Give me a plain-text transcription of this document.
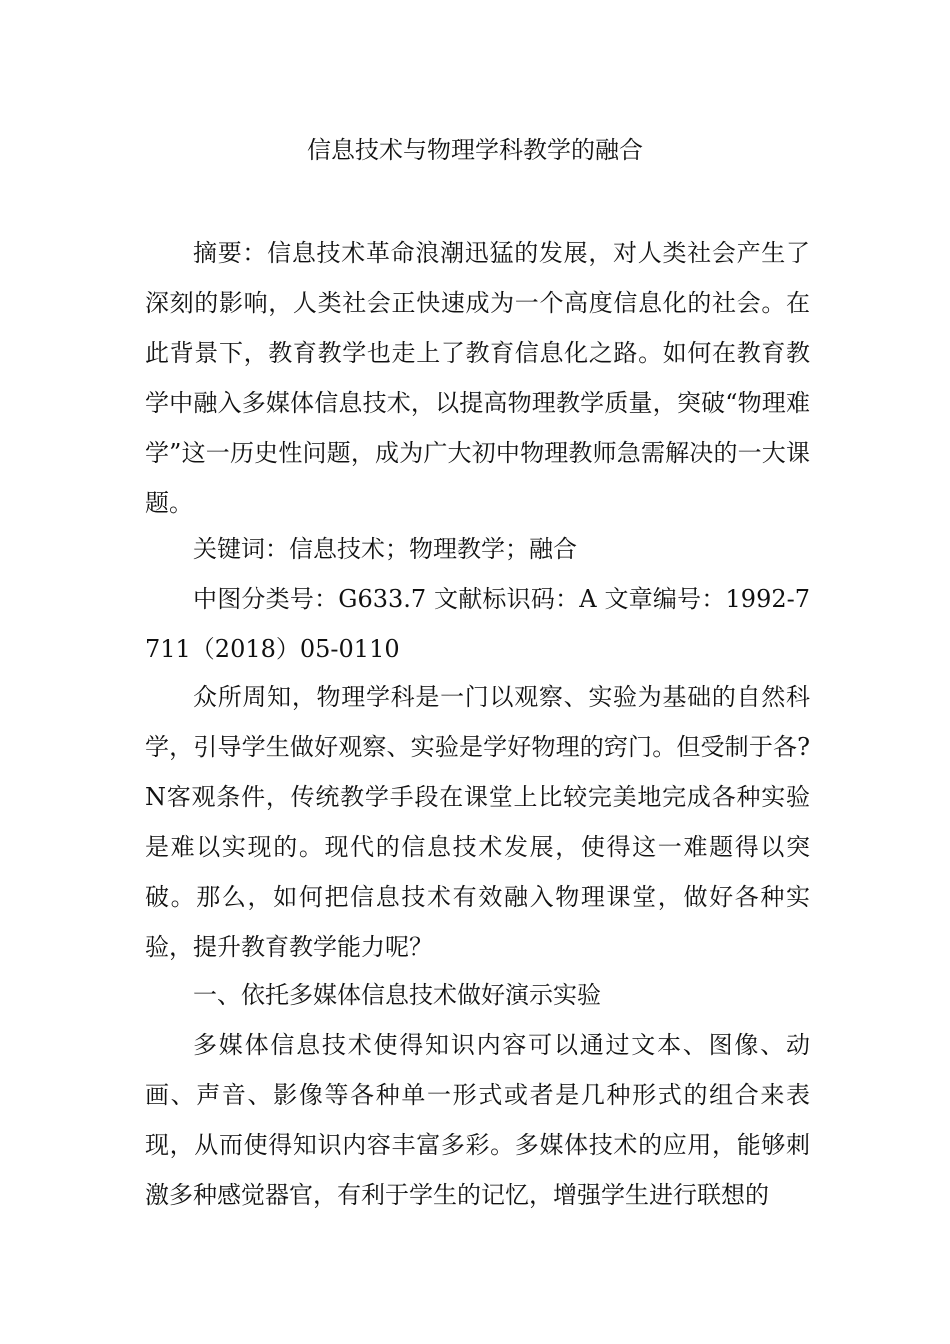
信息技术与物理学科教学的融合

摘要：信息技术革命浪潮迅猛的发展，对人类社会产生了深刻的影响，人类社会正快速成为一个高度信息化的社会。在此背景下，教育教学也走上了教育信息化之路。如何在教育教学中融入多媒体信息技术，以提高物理教学质量，突破“物理难学”这一历史性问题，成为广大初中物理教师急需解决的一大课题。

关键词：信息技术；物理教学；融合

中图分类号：G633.7 文献标识码：A 文章编号：1992-7711（2018）05-0110

众所周知，物理学科是一门以观察、实验为基础的自然科学，引导学生做好观察、实验是学好物理的窍门。但受制于各?N客观条件，传统教学手段在课堂上比较完美地完成各种实验是难以实现的。现代的信息技术发展，使得这一难题得以突破。那么，如何把信息技术有效融入物理课堂，做好各种实验，提升教育教学能力呢？

一、依托多媒体信息技术做好演示实验

多媒体信息技术使得知识内容可以通过文本、图像、动画、声音、影像等各种单一形式或者是几种形式的组合来表现，从而使得知识内容丰富多彩。多媒体技术的应用，能够刺激多种感觉器官，有利于学生的记忆，增强学生进行联想的
